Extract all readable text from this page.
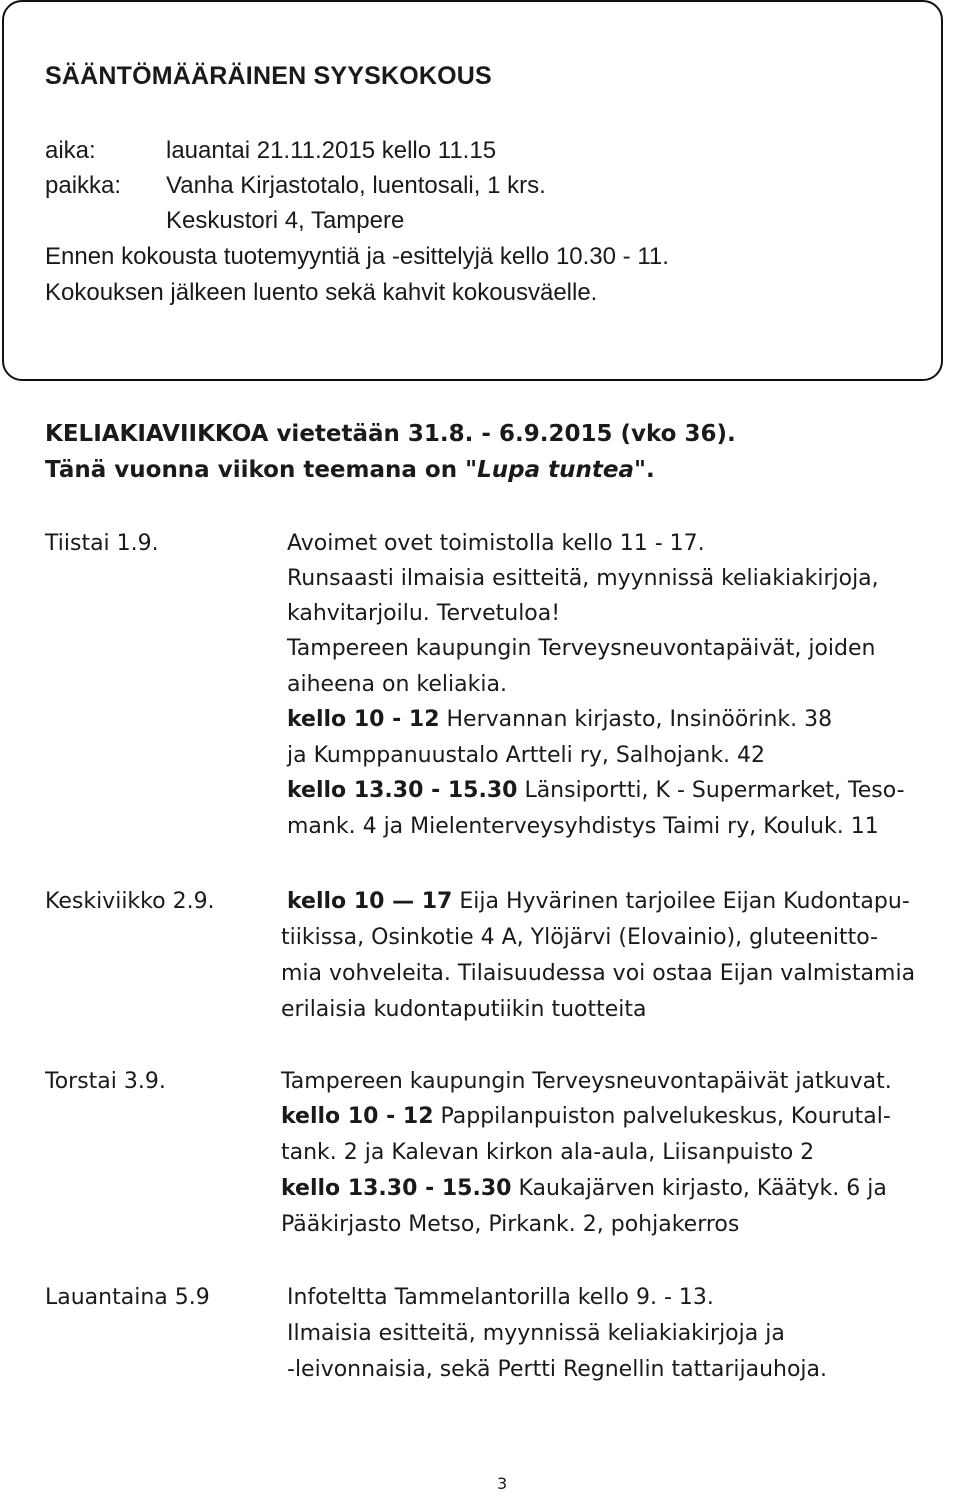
SÄÄNTÖMÄÄRÄINEN SYYSKOKOUS
aika:	lauantai 21.11.2015 kello 11.15
paikka: Vanha Kirjastotalo, luentosali, 1 krs.
Keskustori 4, Tampere
Ennen kokousta tuotemyyntiä ja -esittelyjä kello 10.30 - 11.
Kokouksen jälkeen luento sekä kahvit kokousväelle.
KELIAKIAVIIKKOA vietetään 31.8. - 6.9.2015 (vko 36).
Tänä vuonna viikon teemana on "Lupa tuntea".
Tiistai 1.9.	Avoimet ovet toimistolla kello 11 - 17.
Runsaasti ilmaisia esitteitä, myynnissä keliakiakirjoja,
kahvitarjoilu. Tervetuloa!
Tampereen kaupungin Terveysneuvontapäivät, joiden
aiheena on keliakia.
kello 10 - 12 Hervannan kirjasto, Insinöörink. 38
ja Kumppanuustalo Artteli ry, Salhojank. 42
kello 13.30 - 15.30 Länsiportti, K - Supermarket, Teso-
mank. 4 ja Mielenterveysyhdistys Taimi ry, Kouluk. 11
Keskiviikko 2.9.	kello 10 — 17 Eija Hyvärinen tarjoilee Eijan Kudontapu-
tiikissa, Osinkotie 4 A, Ylöjärvi (Elovainio), gluteenitto-
mia vohveleita. Tilaisuudessa voi ostaa Eijan valmistamia
erilaisia kudontaputiikin tuotteita
Torstai 3.9.	Tampereen kaupungin Terveysneuvontapäivät jatkuvat.
kello 10 - 12 Pappilanpuiston palvelukeskus, Kourutal-
tank. 2 ja Kalevan kirkon ala-aula, Liisanpuisto 2
kello 13.30 - 15.30 Kaukajärven kirjasto, Käätyk. 6 ja
Pääkirjasto Metso, Pirkank. 2, pohjakerros
Lauantaina 5.9	Infoteltta Tammelantorilla kello 9. - 13.
Ilmaisia esitteitä, myynnissä keliakiakirjoja ja
-leivonnaisia, sekä Pertti Regnellin tattarijauhoja.
3
